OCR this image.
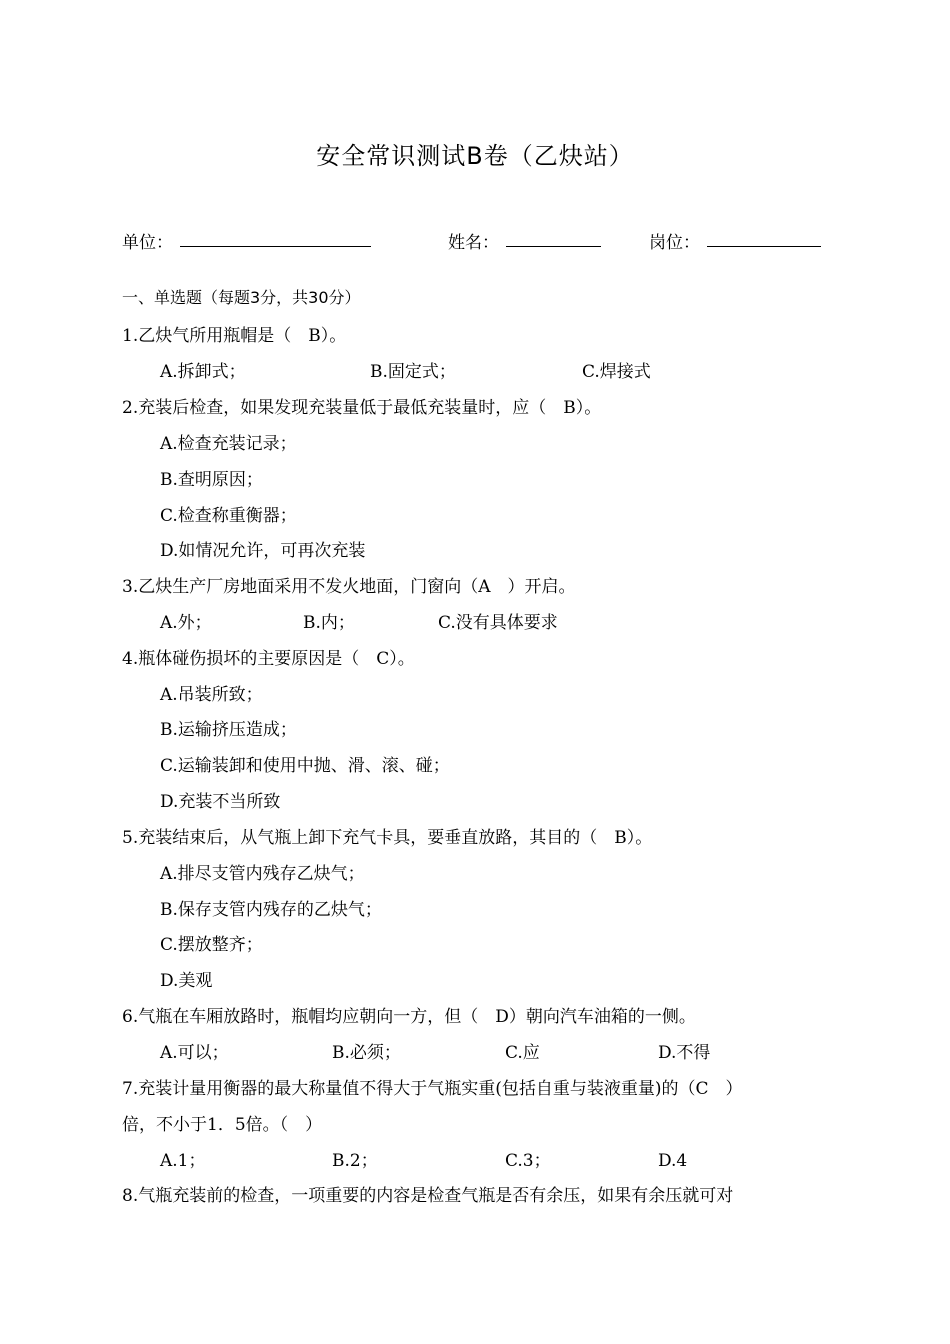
安全常识测试B卷（乙炔站）
单位：	姓名：	岗位：
一、单选题（每题3分，共30分）
1.乙炔气所用瓶帽是（　B）。
A.拆卸式；	B.固定式；	C.焊接式
2.充装后检查，如果发现充装量低于最低充装量时，应（　B）。
A.检查充装记录；
B.查明原因；
C.检查称重衡器；
D.如情况允许，可再次充装
3.乙炔生产厂房地面采用不发火地面，门窗向（A　）开启。
A.外；	B.内；	C.没有具体要求
4.瓶体碰伤损坏的主要原因是（　C）。
A.吊装所致；
B.运输挤压造成；
C.运输装卸和使用中抛、滑、滚、碰；
D.充装不当所致
5.充装结束后，从气瓶上卸下充气卡具，要垂直放路，其目的（　B）。
A.排尽支管内残存乙炔气；
B.保存支管内残存的乙炔气；
C.摆放整齐；
D.美观
6.气瓶在车厢放路时，瓶帽均应朝向一方，但（　D）朝向汽车油箱的一侧。
A.可以；	B.必须；	C.应	D.不得
7.充装计量用衡器的最大称量值不得大于气瓶实重(包括自重与装液重量)的（C　）
倍，不小于1．5倍。（　）
A.1；	B.2；	C.3；	D.4
8.气瓶充装前的检查，一项重要的内容是检查气瓶是否有余压，如果有余压就可对
